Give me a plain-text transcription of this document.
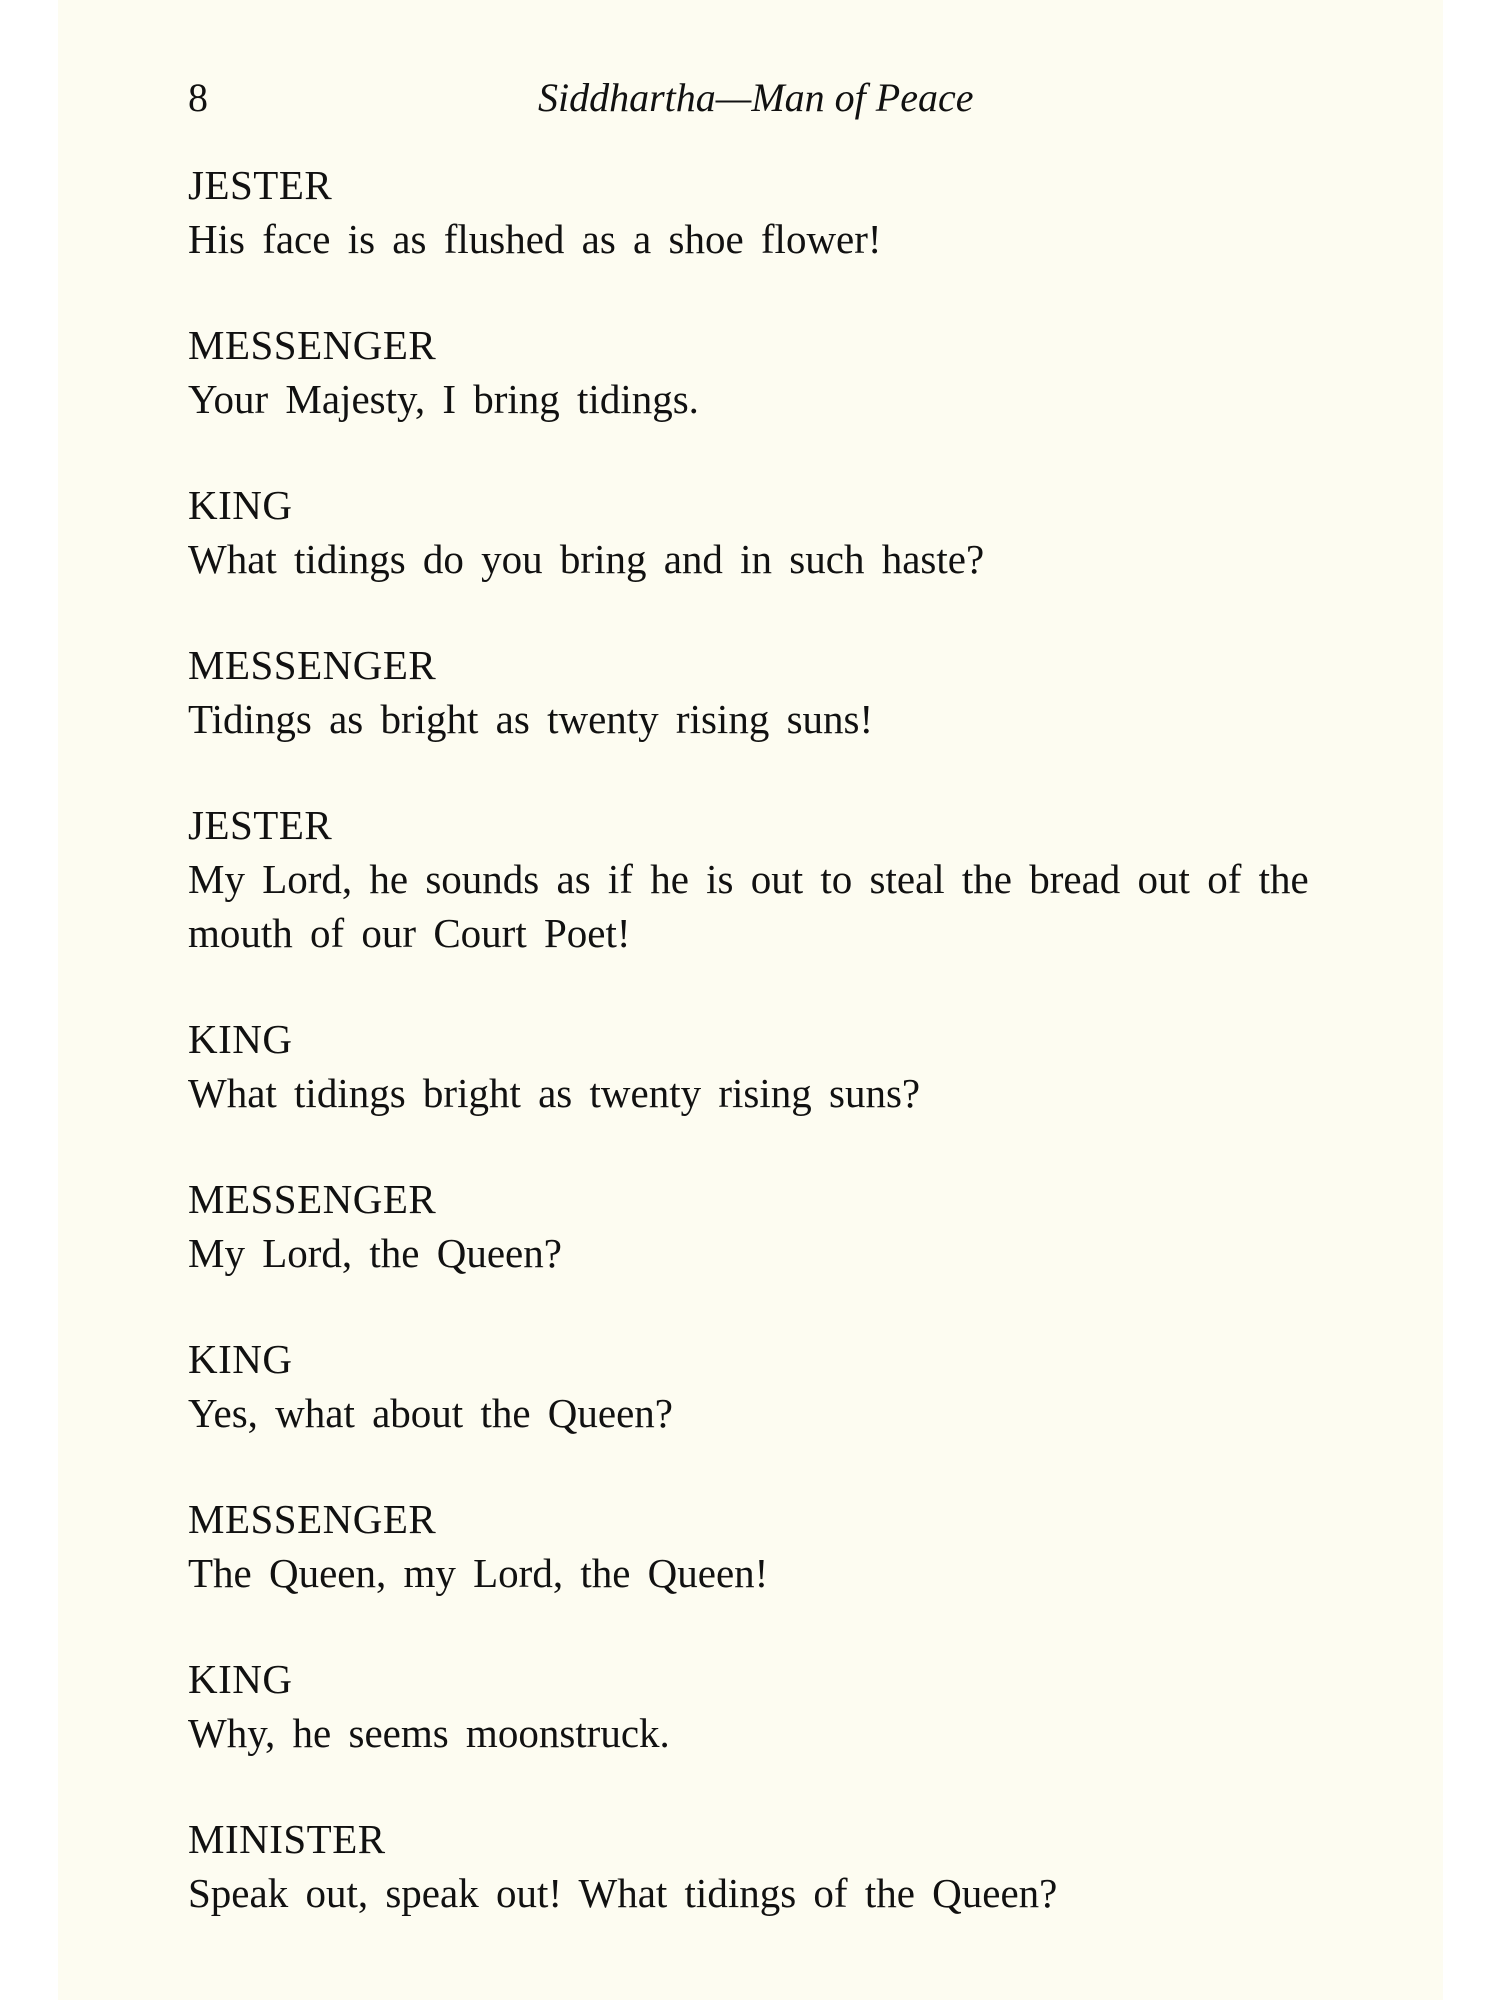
8	Siddhartha—Man of Peace
JESTER
His face is as flushed as a shoe flower!
MESSENGER
Your Majesty, I bring tidings.
KING
What tidings do you bring and in such haste?
MESSENGER
Tidings as bright as twenty rising suns!
JESTER
My Lord, he sounds as if he is out to steal the bread out of the
mouth of our Court Poet!
KING
What tidings bright as twenty rising suns?
MESSENGER
My Lord, the Queen?
KING
Yes, what about the Queen?
MESSENGER
The Queen, my Lord, the Queen!
KING
Why, he seems moonstruck.
MINISTER
Speak out, speak out! What tidings of the Queen?
